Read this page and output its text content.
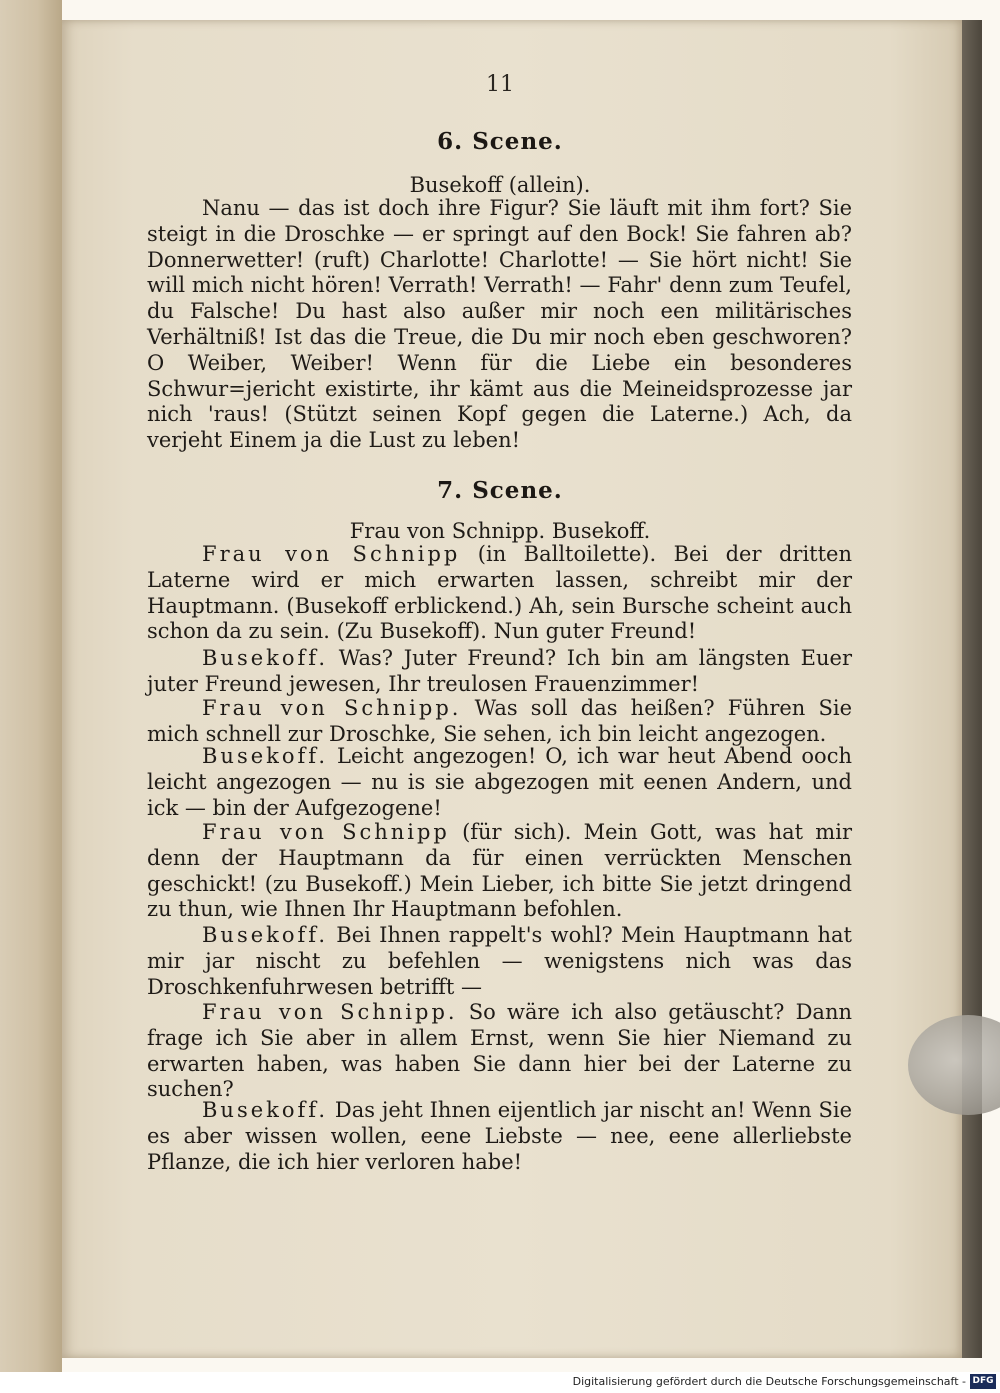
11
6. Scene.
Busekoff (allein).
Nanu — das ist doch ihre Figur? Sie läuft mit ihm fort? Sie steigt in die Droschke — er springt auf den Bock! Sie fahren ab? Donnerwetter! (ruft) Charlotte! Charlotte! — Sie hört nicht! Sie will mich nicht hören! Verrath! Verrath! — Fahr' denn zum Teufel, du Falsche! Du hast also außer mir noch een militärisches Verhältniß! Ist das die Treue, die Du mir noch eben geschworen? O Weiber, Weiber! Wenn für die Liebe ein besonderes Schwur=jericht existirte, ihr kämt aus die Meineidsprozesse jar nich 'raus! (Stützt seinen Kopf gegen die Laterne.) Ach, da verjeht Einem ja die Lust zu leben!
7. Scene.
Frau von Schnipp. Busekoff.
Frau von Schnipp (in Balltoilette). Bei der dritten Laterne wird er mich erwarten lassen, schreibt mir der Hauptmann. (Busekoff erblickend.) Ah, sein Bursche scheint auch schon da zu sein. (Zu Busekoff). Nun guter Freund!
Busekoff. Was? Juter Freund? Ich bin am längsten Euer juter Freund jewesen, Ihr treulosen Frauenzimmer!
Frau von Schnipp. Was soll das heißen? Führen Sie mich schnell zur Droschke, Sie sehen, ich bin leicht angezogen.
Busekoff. Leicht angezogen! O, ich war heut Abend ooch leicht angezogen — nu is sie abgezogen mit eenen Andern, und ick — bin der Aufgezogene!
Frau von Schnipp (für sich). Mein Gott, was hat mir denn der Hauptmann da für einen verrückten Menschen geschickt! (zu Busekoff.) Mein Lieber, ich bitte Sie jetzt dringend zu thun, wie Ihnen Ihr Hauptmann befohlen.
Busekoff. Bei Ihnen rappelt's wohl? Mein Hauptmann hat mir jar nischt zu befehlen — wenigstens nich was das Droschkenfuhrwesen betrifft —
Frau von Schnipp. So wäre ich also getäuscht? Dann frage ich Sie aber in allem Ernst, wenn Sie hier Niemand zu erwarten haben, was haben Sie dann hier bei der Laterne zu suchen?
Busekoff. Das jeht Ihnen eijentlich jar nischt an! Wenn Sie es aber wissen wollen, eene Liebste — nee, eene allerliebste Pflanze, die ich hier verloren habe!
Digitalisierung gefördert durch die Deutsche Forschungsgemeinschaft - DFG
